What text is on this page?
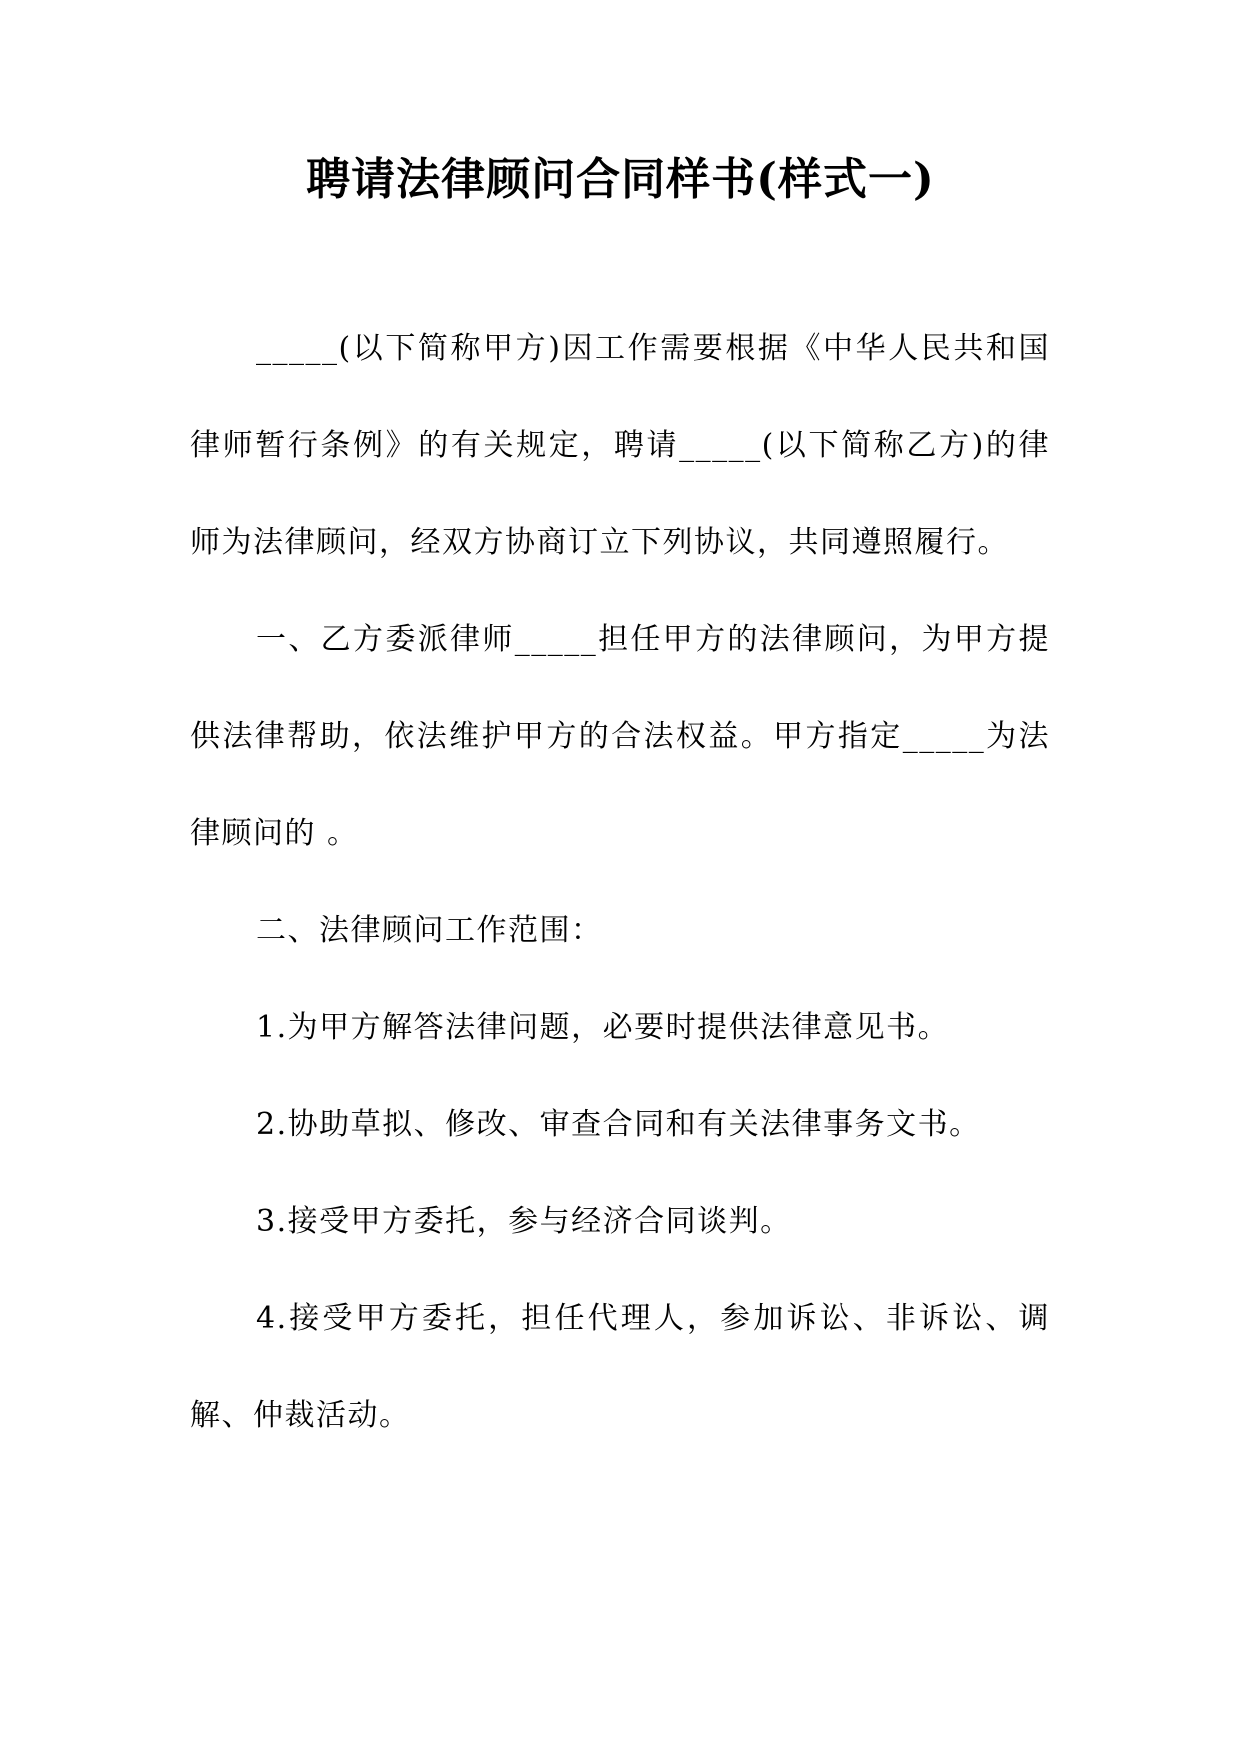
聘请法律顾问合同样书(样式一)

_____(以下简称甲方)因工作需要根据《中华人民共和国律师暂行条例》的有关规定，聘请_____(以下简称乙方)的律师为法律顾问，经双方协商订立下列协议，共同遵照履行。

一、乙方委派律师_____担任甲方的法律顾问，为甲方提供法律帮助，依法维护甲方的合法权益。甲方指定_____为法律顾问的 。

二、法律顾问工作范围：

1.为甲方解答法律问题，必要时提供法律意见书。

2.协助草拟、修改、审查合同和有关法律事务文书。

3.接受甲方委托，参与经济合同谈判。

4.接受甲方委托，担任代理人，参加诉讼、非诉讼、调解、仲裁活动。
